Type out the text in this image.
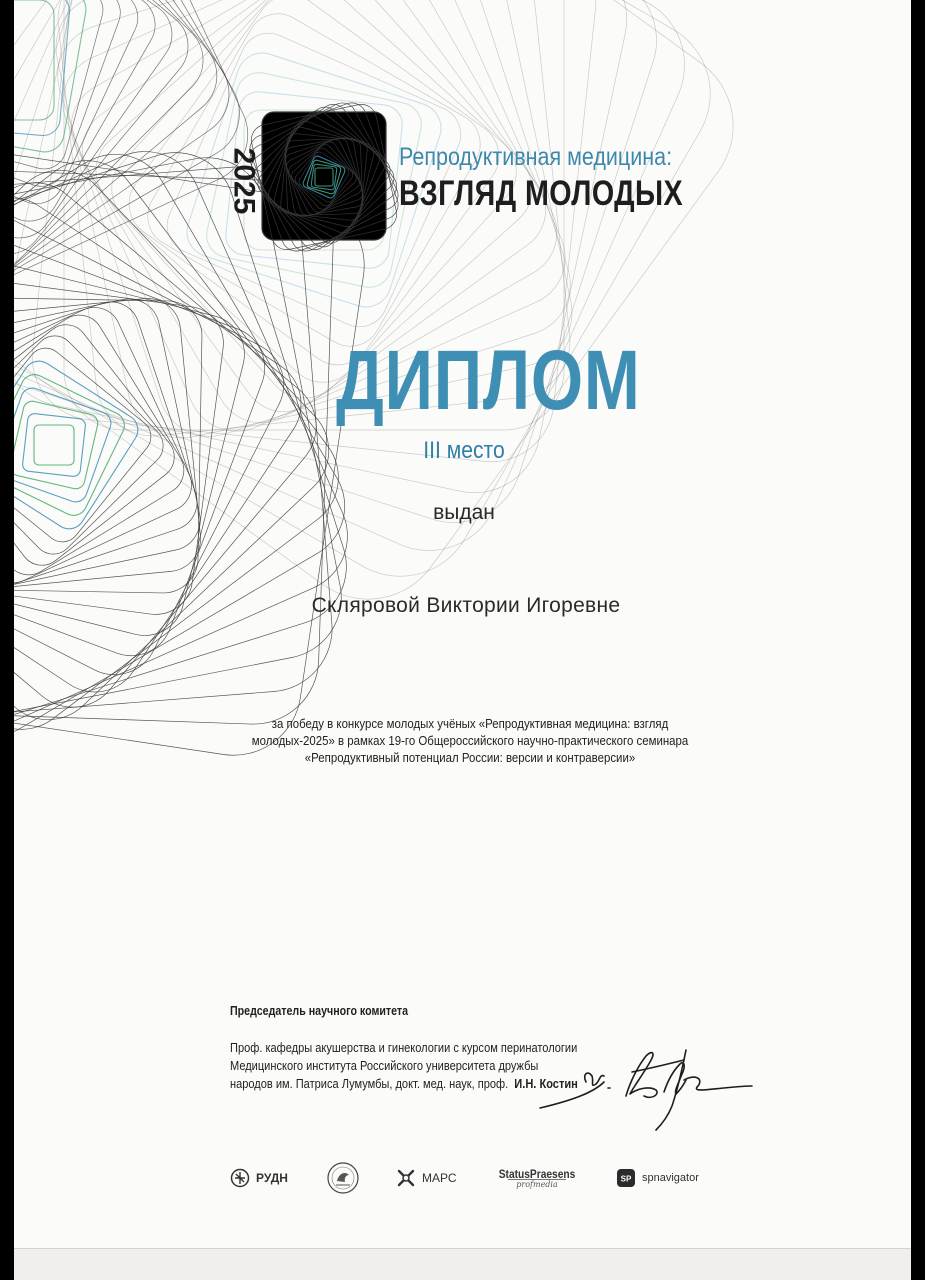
2025	Репродуктивная медицина:
ВЗГЛЯД МОЛОДЫХ
ДИПЛОМ
III место
выдан
Скляровой Виктории Игоревне
за победу в конкурсе молодых учёных «Репродуктивная медицина: взгляд
молодых-2025» в рамках 19-го Общероссийского научно-практического семинара
«Репродуктивный потенциал России: версии и контраверсии»
Председатель научного комитета
Проф. кафедры акушерства и гинекологии с курсом перинатологии
Медицинского института Российского университета дружбы
народов им. Патриса Лумумбы, докт. мед. наук, проф. И.Н. Костин
РУДН	МАРС	StatusPraesens
profmedia
SP spnavigator
